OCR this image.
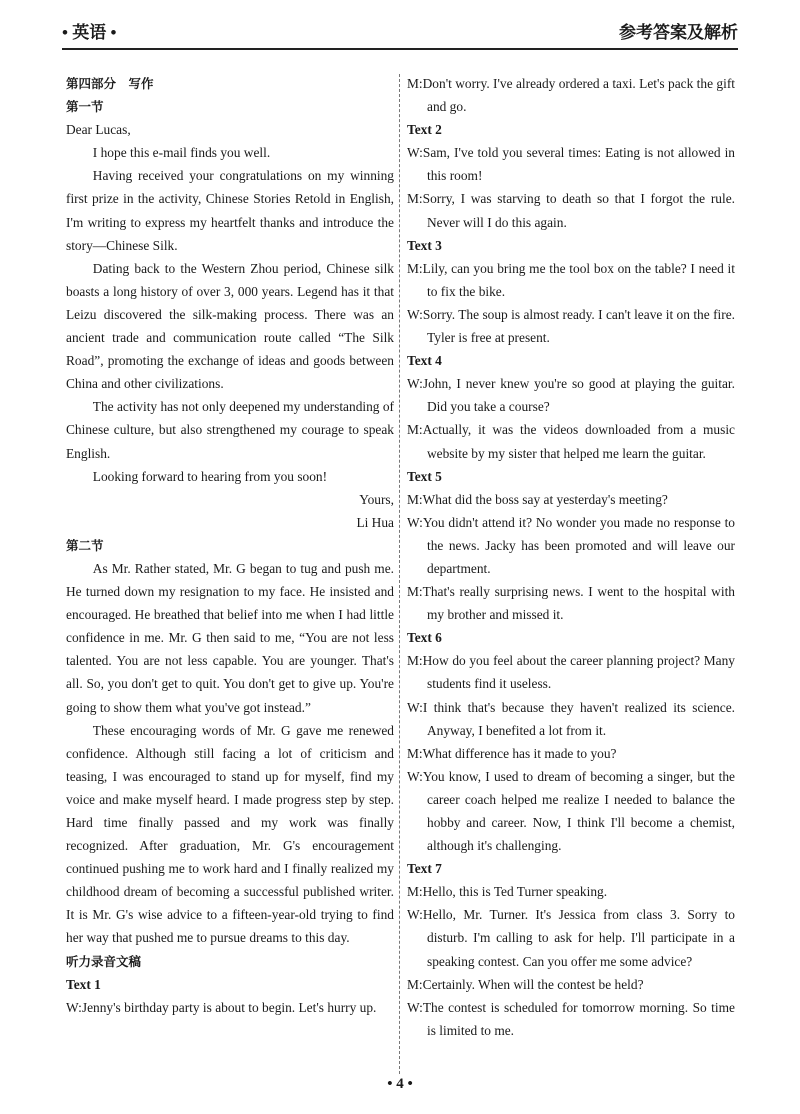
• 英语 •	参考答案及解析

第四部分　写作

第一节

Dear Lucas,

I hope this e-mail finds you well.

Having received your congratulations on my winning first prize in the activity, Chinese Stories Retold in English, I'm writing to express my heartfelt thanks and introduce the story—Chinese Silk.

Dating back to the Western Zhou period, Chinese silk boasts a long history of over 3, 000 years. Legend has it that Leizu discovered the silk-making process. There was an ancient trade and communication route called “The Silk Road”, promoting the exchange of ideas and goods between China and other civilizations.

The activity has not only deepened my understanding of Chinese culture, but also strengthened my courage to speak English.

Looking forward to hearing from you soon!

Yours,

Li Hua

第二节

As Mr. Rather stated, Mr. G began to tug and push me. He turned down my resignation to my face. He insisted and encouraged. He breathed that belief into me when I had little confidence in me. Mr. G then said to me, “You are not less talented. You are not less capable. You are younger. That's all. So, you don't get to quit. You don't get to give up. You're going to show them what you've got instead.”

These encouraging words of Mr. G gave me renewed confidence. Although still facing a lot of criticism and teasing, I was encouraged to stand up for myself, find my voice and make myself heard. I made progress step by step. Hard time finally passed and my work was finally recognized. After graduation, Mr. G's encouragement continued pushing me to work hard and I finally realized my childhood dream of becoming a successful published writer. It is Mr. G's wise advice to a fifteen-year-old trying to find her way that pushed me to pursue dreams to this day.

听力录音文稿

Text 1

W:Jenny's birthday party is about to begin. Let's hurry up.

M:Don't worry. I've already ordered a taxi. Let's pack the gift and go.

Text 2

W:Sam, I've told you several times: Eating is not allowed in this room!

M:Sorry, I was starving to death so that I forgot the rule. Never will I do this again.

Text 3

M:Lily, can you bring me the tool box on the table? I need it to fix the bike.

W:Sorry. The soup is almost ready. I can't leave it on the fire. Tyler is free at present.

Text 4

W:John, I never knew you're so good at playing the guitar. Did you take a course?

M:Actually, it was the videos downloaded from a music website by my sister that helped me learn the guitar.

Text 5

M:What did the boss say at yesterday's meeting?

W:You didn't attend it? No wonder you made no response to the news. Jacky has been promoted and will leave our department.

M:That's really surprising news. I went to the hospital with my brother and missed it.

Text 6

M:How do you feel about the career planning project? Many students find it useless.

W:I think that's because they haven't realized its science. Anyway, I benefited a lot from it.

M:What difference has it made to you?

W:You know, I used to dream of becoming a singer, but the career coach helped me realize I needed to balance the hobby and career. Now, I think I'll become a chemist, although it's challenging.

Text 7

M:Hello, this is Ted Turner speaking.

W:Hello, Mr. Turner. It's Jessica from class 3. Sorry to disturb. I'm calling to ask for help. I'll participate in a speaking contest. Can you offer me some advice?

M:Certainly. When will the contest be held?

W:The contest is scheduled for tomorrow morning. So time is limited to me.

• 4 •
